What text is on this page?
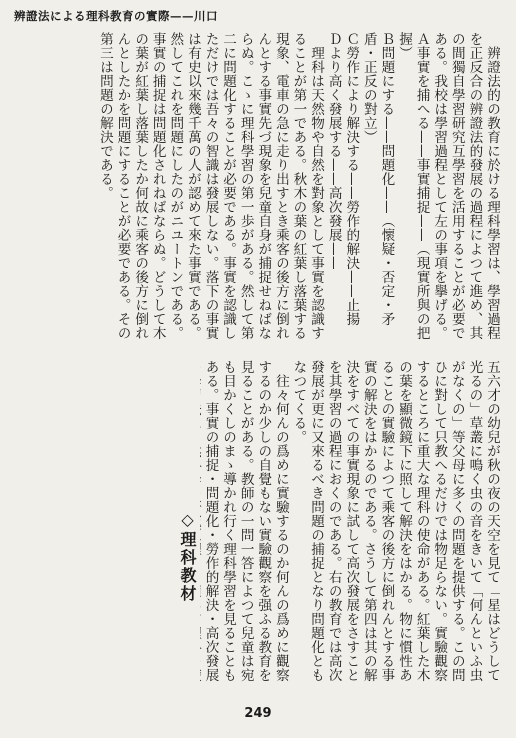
辨證法による理科教育の實際——川口

辨證法的の教育に於ける理科學習は、學習過程を正反合の辨證法的發展の過程によつて進め、其の間獨自學習研究互學習を活用することが必要である。我校は學習過程として左の事項を擧げる。

Ａ事實を捕へる——事實捕捉——（現實所與の把握）

Ｂ問題にする——問題化——（懷疑・否定・矛盾・正反の對立）

Ｃ勞作により解決する——勞作的解決——止揚

Ｄより高く發展する——高次發展——

理科は天然物や自然を對象として事實を認識することが第一である。秋木の葉の紅葉し落葉する現象、電車の急に走り出すとき乘客の後方に倒れんとする事實先づ現象を兒童自身が捕捉せねばならぬ。こゝに理科學習の第一歩がある。然して第二に問題化することが必要である。事實を認識しただけでは吾々の智識は發展しない。落下の事實は有史以來幾千萬の人が認めて來た事實である。然してこれを問題にしたのがニユートンである。事實の捕捉は問題化されねばならぬ。どうして木の葉が紅葉し落葉したか何故に乘客の後方に倒れんとしたかを問題にすることが必要である。その第三は問題の解決である。

五六才の幼兒が秋の夜の天空を見て「星はどうして光るの」草叢に鳴く虫の音をきいて「何んといふ虫がなくの」等父母に多くの問題を提供する。この問ひに對して只教へるだけでは物足らない。實驗觀察するところに重大な理科の使命がある。紅葉した木の葉を顯微鏡下に照して解決をはかる。物に慣性あることの實驗によつて乘客の後方に倒れんとする事實の解決をはかるのである。さうして第四は其の解決をすべての事實現象に試して高次發展をさすことを其學習の過程におくのである。右の教育では高次發展が更に又來るべき問題の捕捉となり問題化ともなつてくる。

往々何んの爲めに實驗するのか何んの爲めに觀察するのか少しの自覺もない實驗觀察を强ふる教育を見ることがある。教師の一問一答によつて兒童は宛も目かくしのまゝ導かれ行く理科學習を見ることもある。事實の捕捉・問題化・勞作的解決・高次發展

◇理科教材
249
